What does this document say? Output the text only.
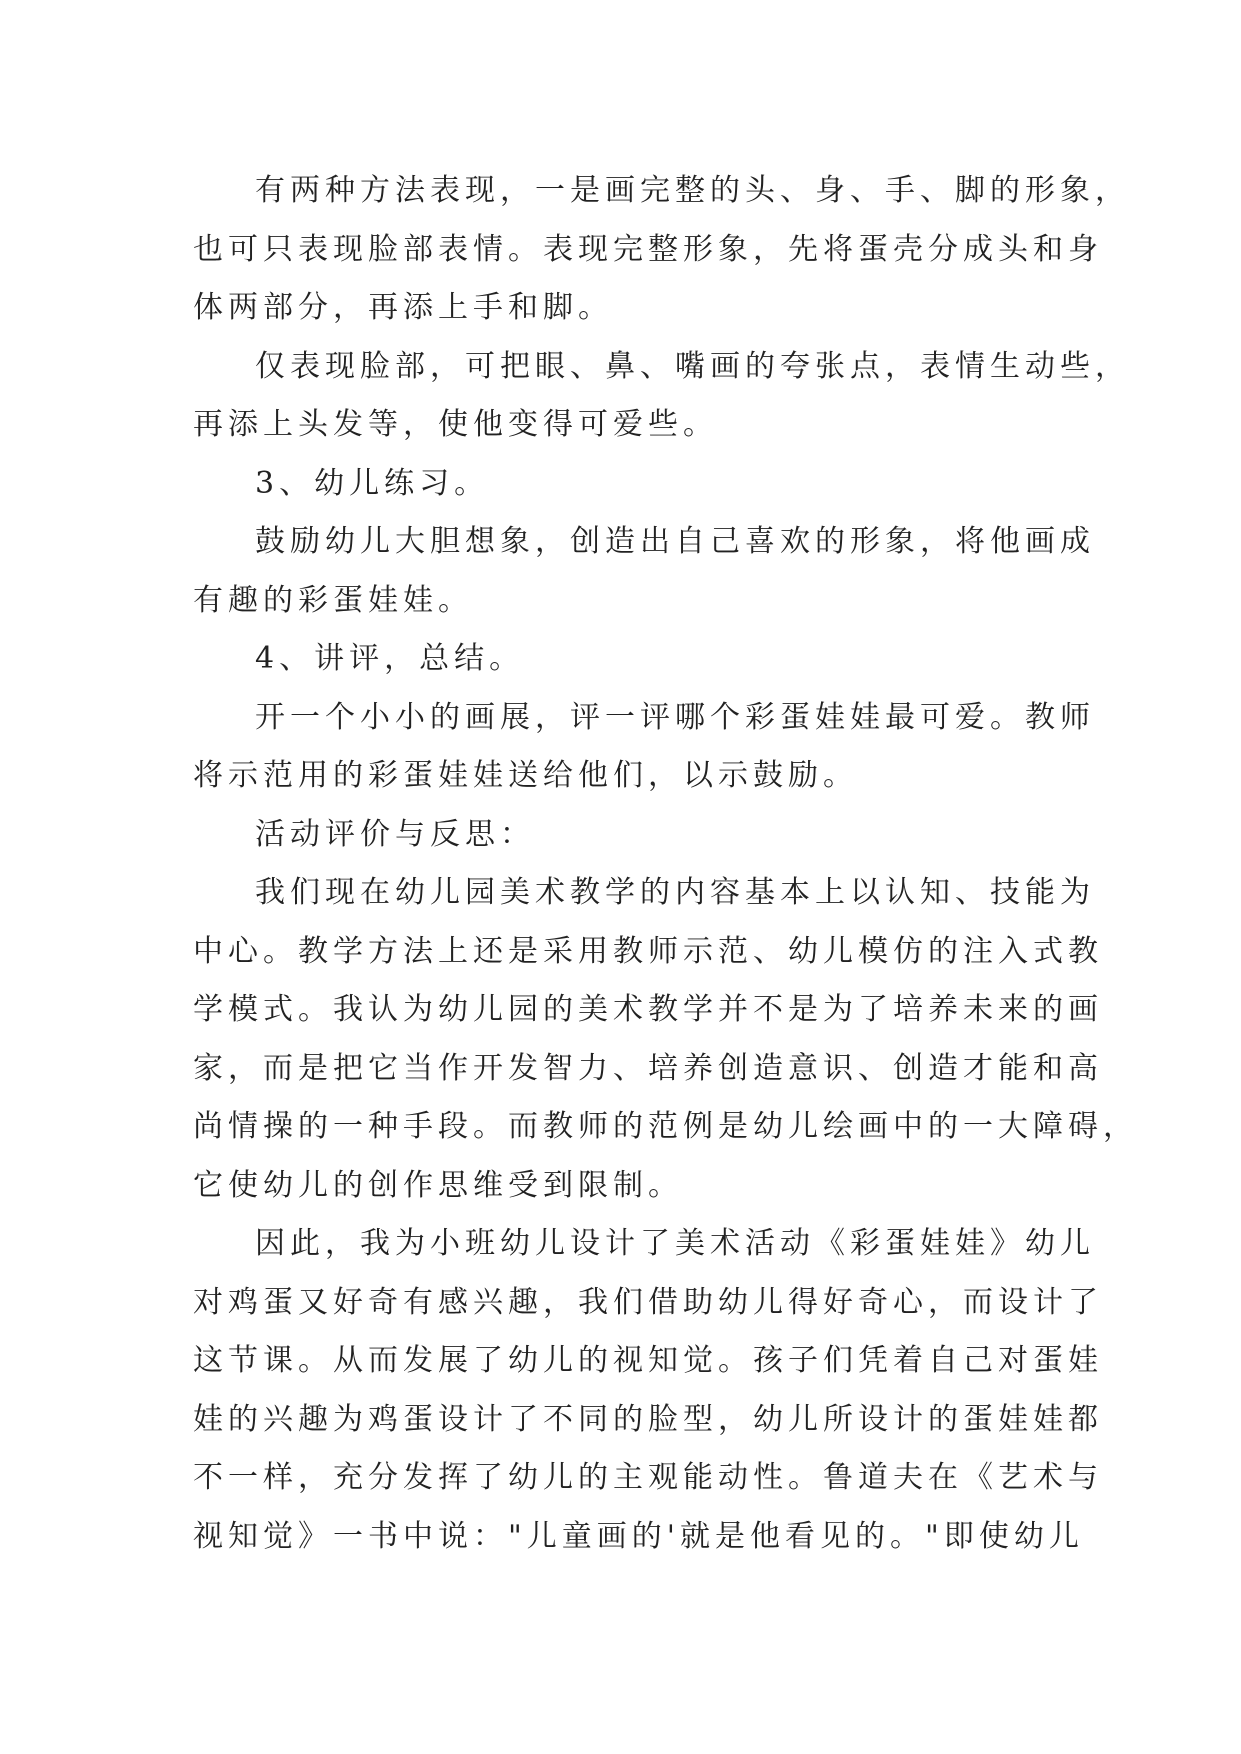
有两种方法表现，一是画完整的头、身、手、脚的形象，
也可只表现脸部表情。表现完整形象，先将蛋壳分成头和身
体两部分，再添上手和脚。
仅表现脸部，可把眼、鼻、嘴画的夸张点，表情生动些，
再添上头发等，使他变得可爱些。
3、幼儿练习。
鼓励幼儿大胆想象，创造出自己喜欢的形象，将他画成
有趣的彩蛋娃娃。
4、讲评，总结。
开一个小小的画展，评一评哪个彩蛋娃娃最可爱。教师
将示范用的彩蛋娃娃送给他们，以示鼓励。
活动评价与反思：
我们现在幼儿园美术教学的内容基本上以认知、技能为
中心。教学方法上还是采用教师示范、幼儿模仿的注入式教
学模式。我认为幼儿园的美术教学并不是为了培养未来的画
家，而是把它当作开发智力、培养创造意识、创造才能和高
尚情操的一种手段。而教师的范例是幼儿绘画中的一大障碍，
它使幼儿的创作思维受到限制。
因此，我为小班幼儿设计了美术活动《彩蛋娃娃》幼儿
对鸡蛋又好奇有感兴趣，我们借助幼儿得好奇心，而设计了
这节课。从而发展了幼儿的视知觉。孩子们凭着自己对蛋娃
娃的兴趣为鸡蛋设计了不同的脸型，幼儿所设计的蛋娃娃都
不一样，充分发挥了幼儿的主观能动性。鲁道夫在《艺术与
视知觉》一书中说："儿童画的'就是他看见的。"即使幼儿
